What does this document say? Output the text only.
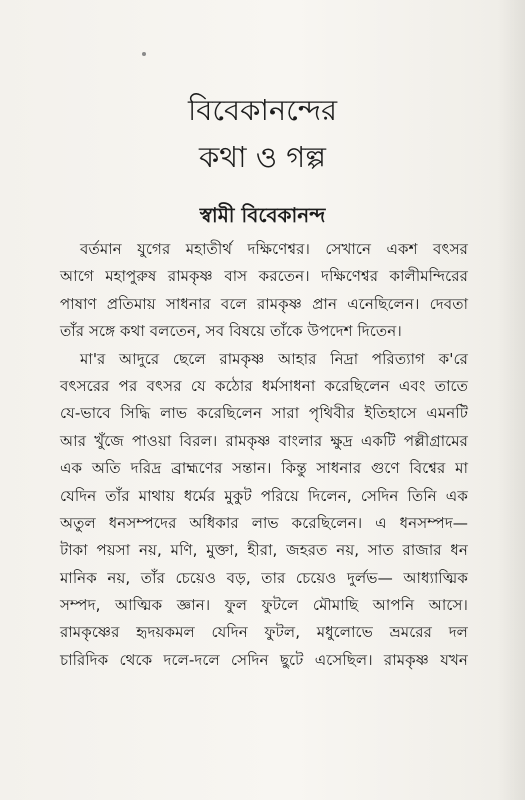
বিবেকানন্দের
কথা ও গল্প
স্বামী বিবেকানন্দ
বর্তমান যুগের মহাতীর্থ দক্ষিণেশ্বর। সেখানে একশ বৎসর
আগে মহাপুরুষ রামকৃষ্ণ বাস করতেন। দক্ষিণেশ্বর কালীমন্দিরের
পাষাণ প্রতিমায় সাধনার বলে রামকৃষ্ণ প্রান এনেছিলেন। দেবতা
তাঁর সঙ্গে কথা বলতেন, সব বিষয়ে তাঁকে উপদেশ দিতেন।
মা'র আদুরে ছেলে রামকৃষ্ণ আহার নিদ্রা পরিত্যাগ ক'রে
বৎসরের পর বৎসর যে কঠোর ধর্মসাধনা করেছিলেন এবং তাতে
যে-ভাবে সিদ্ধি লাভ করেছিলেন সারা পৃথিবীর ইতিহাসে এমনটি
আর খুঁজে পাওয়া বিরল। রামকৃষ্ণ বাংলার ক্ষুদ্র একটি পল্লীগ্রামের
এক অতি দরিদ্র ব্রাহ্মণের সন্তান। কিন্তু সাধনার গুণে বিশ্বের মা
যেদিন তাঁর মাথায় ধর্মের মুকুট পরিয়ে দিলেন, সেদিন তিনি এক
অতুল ধনসম্পদের অধিকার লাভ করেছিলেন। এ ধনসম্পদ—
টাকা পয়সা নয়, মণি, মুক্তা, হীরা, জহরত নয়, সাত রাজার ধন
মানিক নয়, তাঁর চেয়েও বড়, তার চেয়েও দুর্লভ— আধ্যাত্মিক
সম্পদ, আত্মিক জ্ঞান। ফুল ফুটলে মৌমাছি আপনি আসে।
রামকৃষ্ণের হৃদয়কমল যেদিন ফুটল, মধুলোভে ভ্রমরের দল
চারিদিক থেকে দলে-দলে সেদিন ছুটে এসেছিল। রামকৃষ্ণ যখন
